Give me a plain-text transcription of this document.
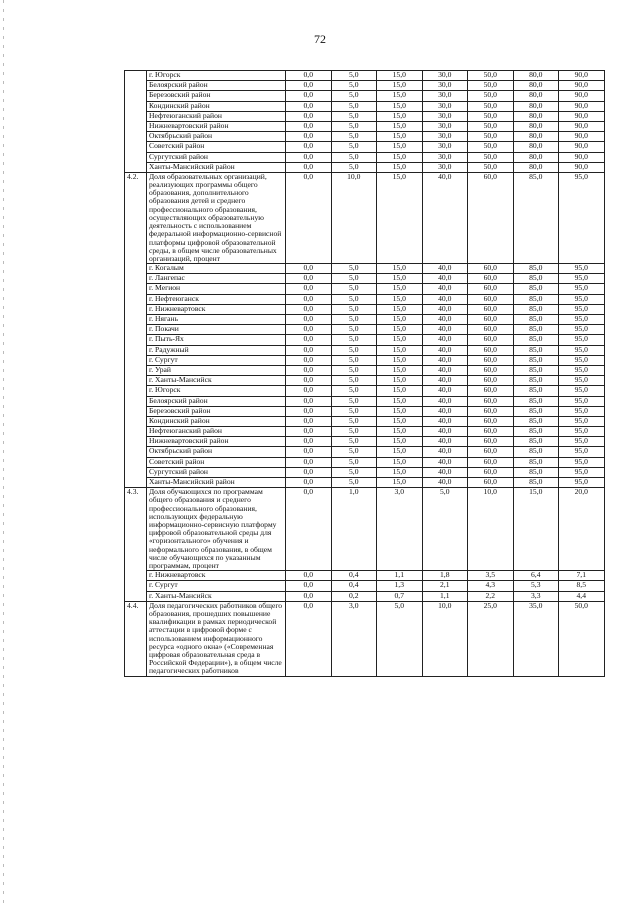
72
	г. Югорск	0,0	5,0	15,0	30,0	50,0	80,0	90,0
	Белоярский район	0,0	5,0	15,0	30,0	50,0	80,0	90,0
	Березовский район	0,0	5,0	15,0	30,0	50,0	80,0	90,0
	Кондинский район	0,0	5,0	15,0	30,0	50,0	80,0	90,0
	Нефтеюганский район	0,0	5,0	15,0	30,0	50,0	80,0	90,0
	Нижневартовский район	0,0	5,0	15,0	30,0	50,0	80,0	90,0
	Октябрьский район	0,0	5,0	15,0	30,0	50,0	80,0	90,0
	Советский район	0,0	5,0	15,0	30,0	50,0	80,0	90,0
	Сургутский район	0,0	5,0	15,0	30,0	50,0	80,0	90,0
	Ханты-Мансийский район	0,0	5,0	15,0	30,0	50,0	80,0	90,0
4.2.	Доля образовательных организаций, реализующих программы общего образования, дополнительного образования детей и среднего профессионального образования, осуществляющих образовательную деятельность с использованием федеральной информационно-сервисной платформы цифровой образовательной среды, в общем числе образовательных организаций, процент	0,0	10,0	15,0	40,0	60,0	85,0	95,0
	г. Когалым	0,0	5,0	15,0	40,0	60,0	85,0	95,0
	г. Лангепас	0,0	5,0	15,0	40,0	60,0	85,0	95,0
	г. Мегион	0,0	5,0	15,0	40,0	60,0	85,0	95,0
	г. Нефтеюганск	0,0	5,0	15,0	40,0	60,0	85,0	95,0
	г. Нижневартовск	0,0	5,0	15,0	40,0	60,0	85,0	95,0
	г. Нягань	0,0	5,0	15,0	40,0	60,0	85,0	95,0
	г. Покачи	0,0	5,0	15,0	40,0	60,0	85,0	95,0
	г. Пыть-Ях	0,0	5,0	15,0	40,0	60,0	85,0	95,0
	г. Радужный	0,0	5,0	15,0	40,0	60,0	85,0	95,0
	г. Сургут	0,0	5,0	15,0	40,0	60,0	85,0	95,0
	г. Урай	0,0	5,0	15,0	40,0	60,0	85,0	95,0
	г. Ханты-Мансийск	0,0	5,0	15,0	40,0	60,0	85,0	95,0
	г. Югорск	0,0	5,0	15,0	40,0	60,0	85,0	95,0
	Белоярский район	0,0	5,0	15,0	40,0	60,0	85,0	95,0
	Березовский район	0,0	5,0	15,0	40,0	60,0	85,0	95,0
	Кондинский район	0,0	5,0	15,0	40,0	60,0	85,0	95,0
	Нефтеюганский район	0,0	5,0	15,0	40,0	60,0	85,0	95,0
	Нижневартовский район	0,0	5,0	15,0	40,0	60,0	85,0	95,0
	Октябрьский район	0,0	5,0	15,0	40,0	60,0	85,0	95,0
	Советский район	0,0	5,0	15,0	40,0	60,0	85,0	95,0
	Сургутский район	0,0	5,0	15,0	40,0	60,0	85,0	95,0
	Ханты-Мансийский район	0,0	5,0	15,0	40,0	60,0	85,0	95,0
4.3.	Доля обучающихся по программам общего образования и среднего профессионального образования, использующих федеральную информационно-сервисную платформу цифровой образовательной среды для «горизонтального» обучения и неформального образования, в общем числе обучающихся по указанным программам, процент	0,0	1,0	3,0	5,0	10,0	15,0	20,0
	г. Нижневартовск	0,0	0,4	1,1	1,8	3,5	6,4	7,1
	г. Сургут	0,0	0,4	1,3	2,1	4,3	5,3	8,5
	г. Ханты-Мансийск	0,0	0,2	0,7	1,1	2,2	3,3	4,4
4.4.	Доля педагогических работников общего образования, прошедших повышение квалификации в рамках периодической аттестации в цифровой форме с использованием информационного ресурса «одного окна» («Современная цифровая образовательная среда в Российской Федерации»), в общем числе педагогических работников	0,0	3,0	5,0	10,0	25,0	35,0	50,0
